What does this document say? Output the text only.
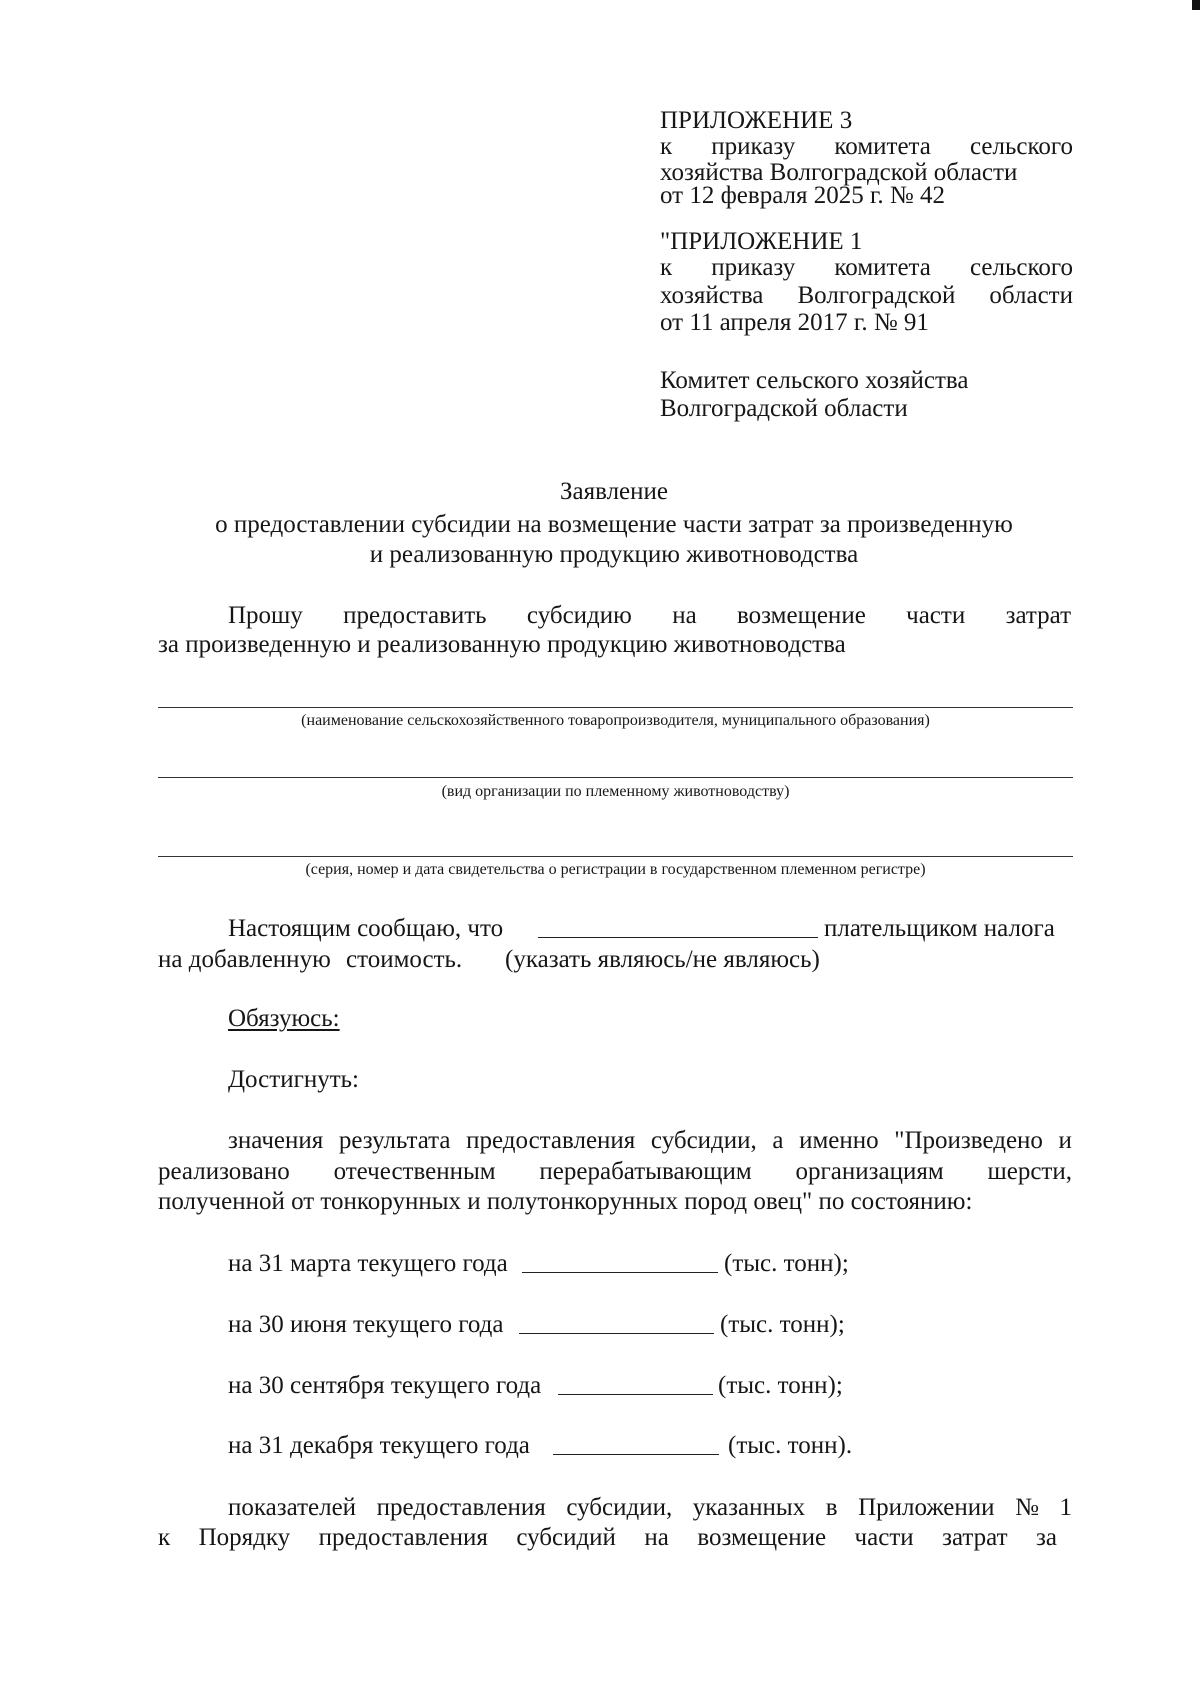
ПРИЛОЖЕНИЕ 3
к приказу комитета сельского
хозяйства Волгоградской области
от 12 февраля 2025 г. № 42
"ПРИЛОЖЕНИЕ 1
к приказу комитета сельского
хозяйства Волгоградской области
от 11 апреля 2017 г. № 91
Комитет сельского хозяйства
Волгоградской области
Заявление
о предоставлении субсидии на возмещение части затрат за произведенную
и реализованную продукцию животноводства
Прошу предоставить субсидию на возмещение части затрат
за произведенную и реализованную продукцию животноводства
(наименование сельскохозяйственного товаропроизводителя, муниципального образования)
(вид организации по племенному животноводству)
(серия, номер и дата свидетельства о регистрации в государственном племенном регистре)
Настоящим сообщаю, что	плательщиком налога
на добавленную стоимость. (указать являюсь/не являюсь)
Обязуюсь:
Достигнуть:
значения результата предоставления субсидии, а именно "Произведено и
реализовано отечественным перерабатывающим организациям шерсти,
полученной от тонкорунных и полутонкорунных пород овец" по состоянию:
на 31 марта текущего года	(тыс. тонн);
на 30 июня текущего года	(тыс. тонн);
на 30 сентября текущего года	(тыс. тонн);
на 31 декабря текущего года	(тыс. тонн).
показателей предоставления субсидии, указанных в Приложении № 1
к Порядку предоставления субсидий на возмещение части затрат за
